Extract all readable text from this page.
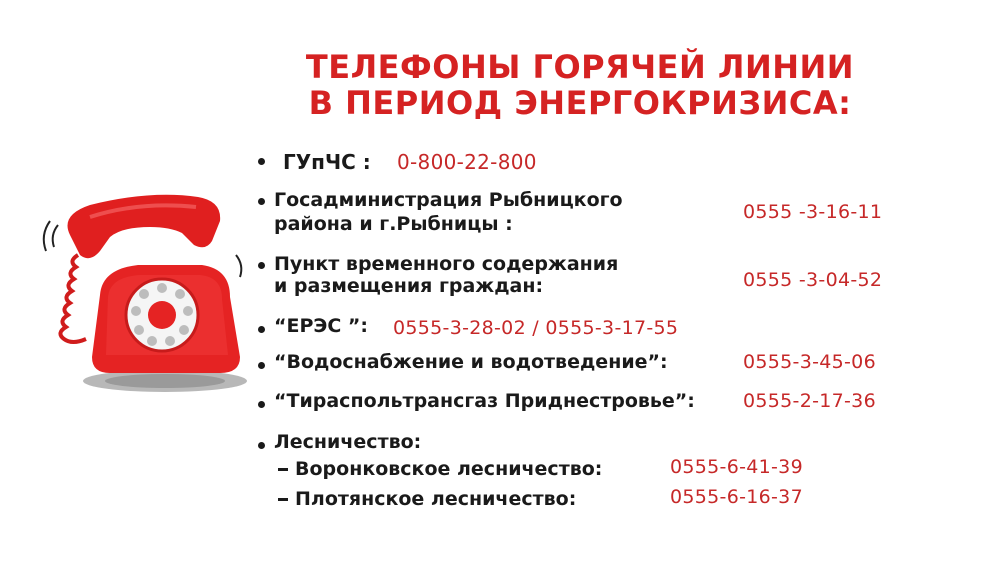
ТЕЛЕФОНЫ ГОРЯЧЕЙ ЛИНИИ
В ПЕРИОД ЭНЕРГОКРИЗИСА:
ГУпЧС : 0-800-22-800
Госадминистрация Рыбницкого
района и г.Рыбницы :
0555 -3-16-11
Пункт временного содержания
и размещения граждан:	0555 -3-04-52
“ЕРЭС ”: 0555-3-28-02 / 0555-3-17-55
“Водоснабжение и водотведение”:	0555-3-45-06
“Тираспольтрансгаз Приднестровье”:	0555-2-17-36
Лесничество:
Воронковское лесничество:	0555-6-41-39
Плотянское лесничество:	0555-6-16-37
